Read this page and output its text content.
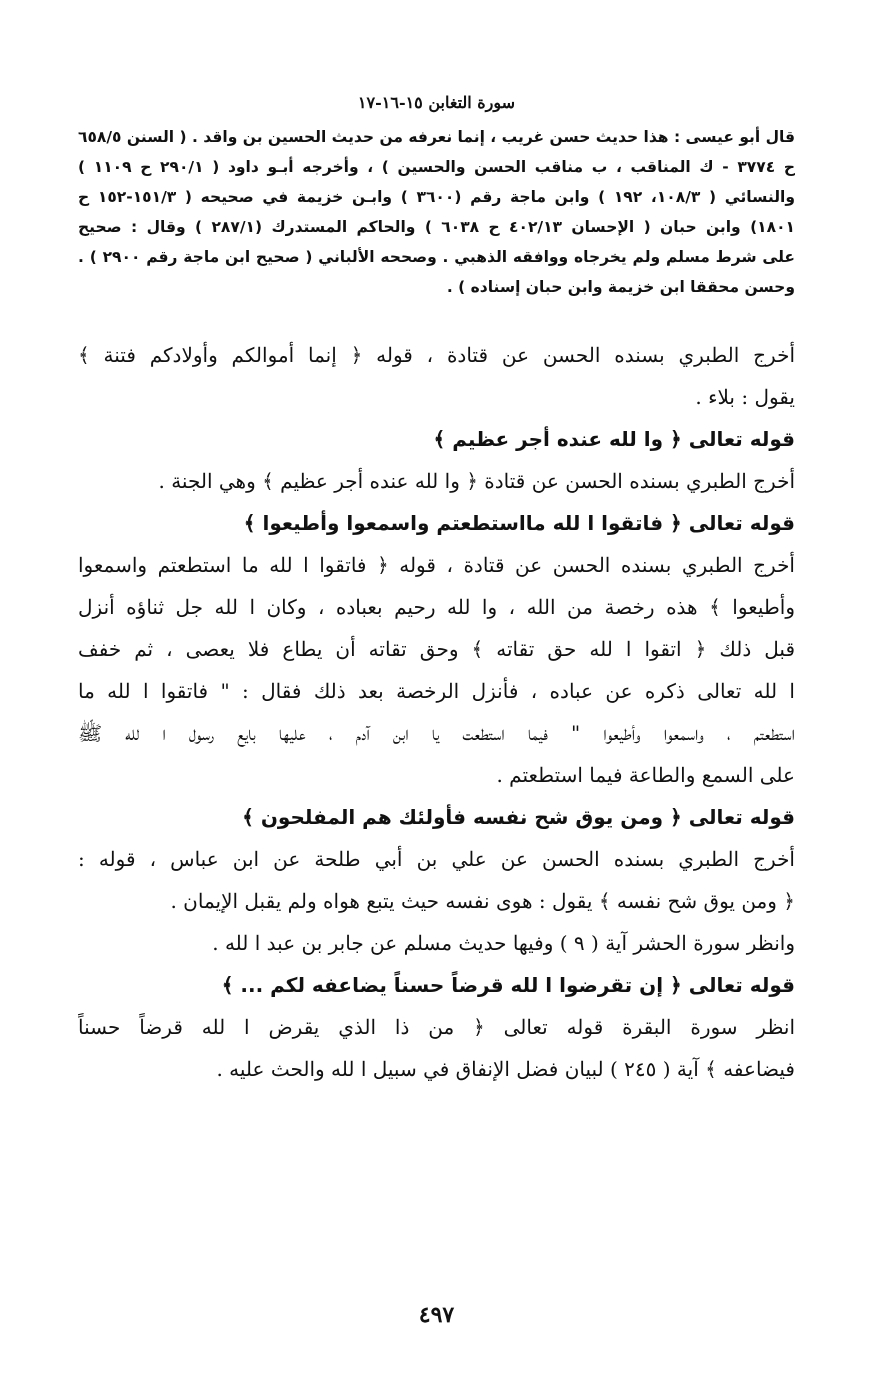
سورة التغابن ١٥-١٦-١٧
قال أبو عيسى : هذا حديث حسن غريب ، إنما نعرفه من حديث الحسين بن واقد . ( السنن ٦٥٨/٥
ح ٣٧٧٤ - ك المناقب ، ب مناقب الحسن والحسين ) ، وأخرجه أبـو داود ( ٢٩٠/١ ح ١١٠٩ )
والنسائي ( ١٠٨/٣، ١٩٢ ) وابن ماجة رقم (٣٦٠٠ ) وابـن خزيمة في صحيحه ( ١٥١/٣-١٥٢ ح
١٨٠١) وابن حبان ( الإحسان ٤٠٢/١٣ ح ٦٠٣٨ ) والحاكم المستدرك (٢٨٧/١ ) وقال : صحيح
على شرط مسلم ولم يخرجاه ووافقه الذهبي . وصححه الألباني ( صحيح ابن ماجة رقم ٢٩٠٠ ) .
وحسن محققا ابن خزيمة وابن حبان إسناده ) .
أخرج الطبري بسنده الحسن عن قتادة ، قوله ﴿ إنما أموالكم وأولادكم فتنة ﴾
يقول : بلاء .
قوله تعالى ﴿ وا لله عنده أجر عظيم ﴾
أخرج الطبري بسنده الحسن عن قتادة ﴿ وا لله عنده أجر عظيم ﴾ وهي الجنة .
قوله تعالى ﴿ فاتقوا ا لله مااستطعتم واسمعوا وأطيعوا ﴾
أخرج الطبري بسنده الحسن عن قتادة ، قوله ﴿ فاتقوا ا لله ما استطعتم واسمعوا
وأطيعوا ﴾ هذه رخصة من الله ، وا لله رحيم بعباده ، وكان ا لله جل ثناؤه أنزل
قبل ذلك ﴿ اتقوا ا لله حق تقاته ﴾ وحق تقاته أن يطاع فلا يعصى ، ثم خفف
ا لله تعالى ذكره عن عباده ، فأنزل الرخصة بعد ذلك فقال : " فاتقوا ا لله ما
استطعتم ، واسمعوا وأطيعوا " فيما استطعت يا ابن آدم ، عليها بايع رسول ا لله ﷺ
على السمع والطاعة فيما استطعتم .
قوله تعالى ﴿ ومن يوق شح نفسه فأولئك هم المفلحون ﴾
أخرج الطبري بسنده الحسن عن علي بن أبي طلحة عن ابن عباس ، قوله :
﴿ ومن يوق شح نفسه ﴾ يقول : هوى نفسه حيث يتبع هواه ولم يقبل الإيمان .
وانظر سورة الحشر آية ( ٩ ) وفيها حديث مسلم عن جابر بن عبد ا لله .
قوله تعالى ﴿ إن تقرضوا ا لله قرضاً حسناً يضاعفه لكم ... ﴾
انظر سورة البقرة قوله تعالى ﴿ من ذا الذي يقرض ا لله قرضاً حسناً
فيضاعفه ﴾ آية ( ٢٤٥ ) لبيان فضل الإنفاق في سبيل ا لله والحث عليه .
٤٩٧
